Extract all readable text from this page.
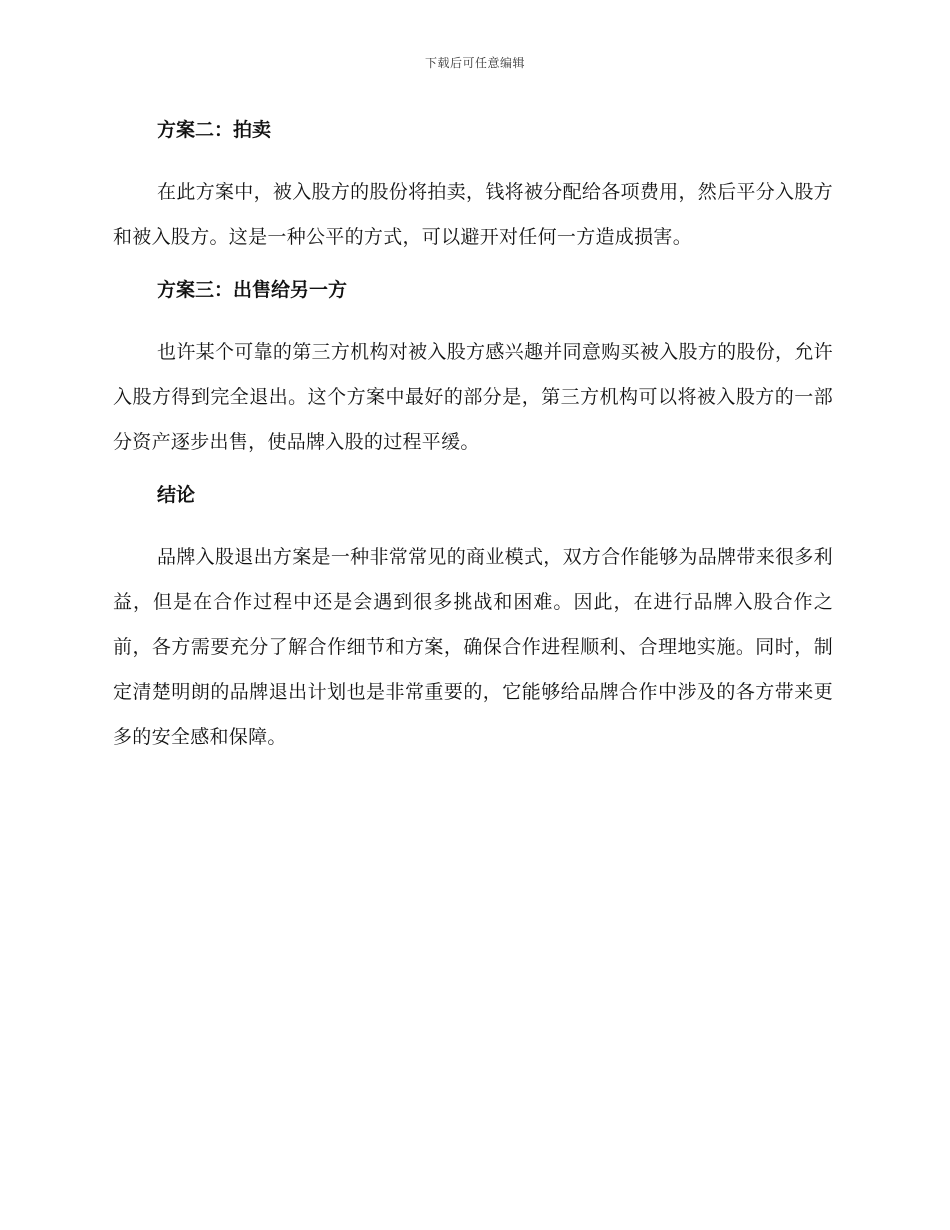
下载后可任意编辑
方案二：拍卖

在此方案中，被入股方的股份将拍卖，钱将被分配给各项费用，然后平分入股方和被入股方。这是一种公平的方式，可以避开对任何一方造成损害。

方案三：出售给另一方

也许某个可靠的第三方机构对被入股方感兴趣并同意购买被入股方的股份，允许入股方得到完全退出。这个方案中最好的部分是，第三方机构可以将被入股方的一部分资产逐步出售，使品牌入股的过程平缓。

结论

品牌入股退出方案是一种非常常见的商业模式，双方合作能够为品牌带来很多利益，但是在合作过程中还是会遇到很多挑战和困难。因此，在进行品牌入股合作之前，各方需要充分了解合作细节和方案，确保合作进程顺利、合理地实施。同时，制定清楚明朗的品牌退出计划也是非常重要的，它能够给品牌合作中涉及的各方带来更多的安全感和保障。
